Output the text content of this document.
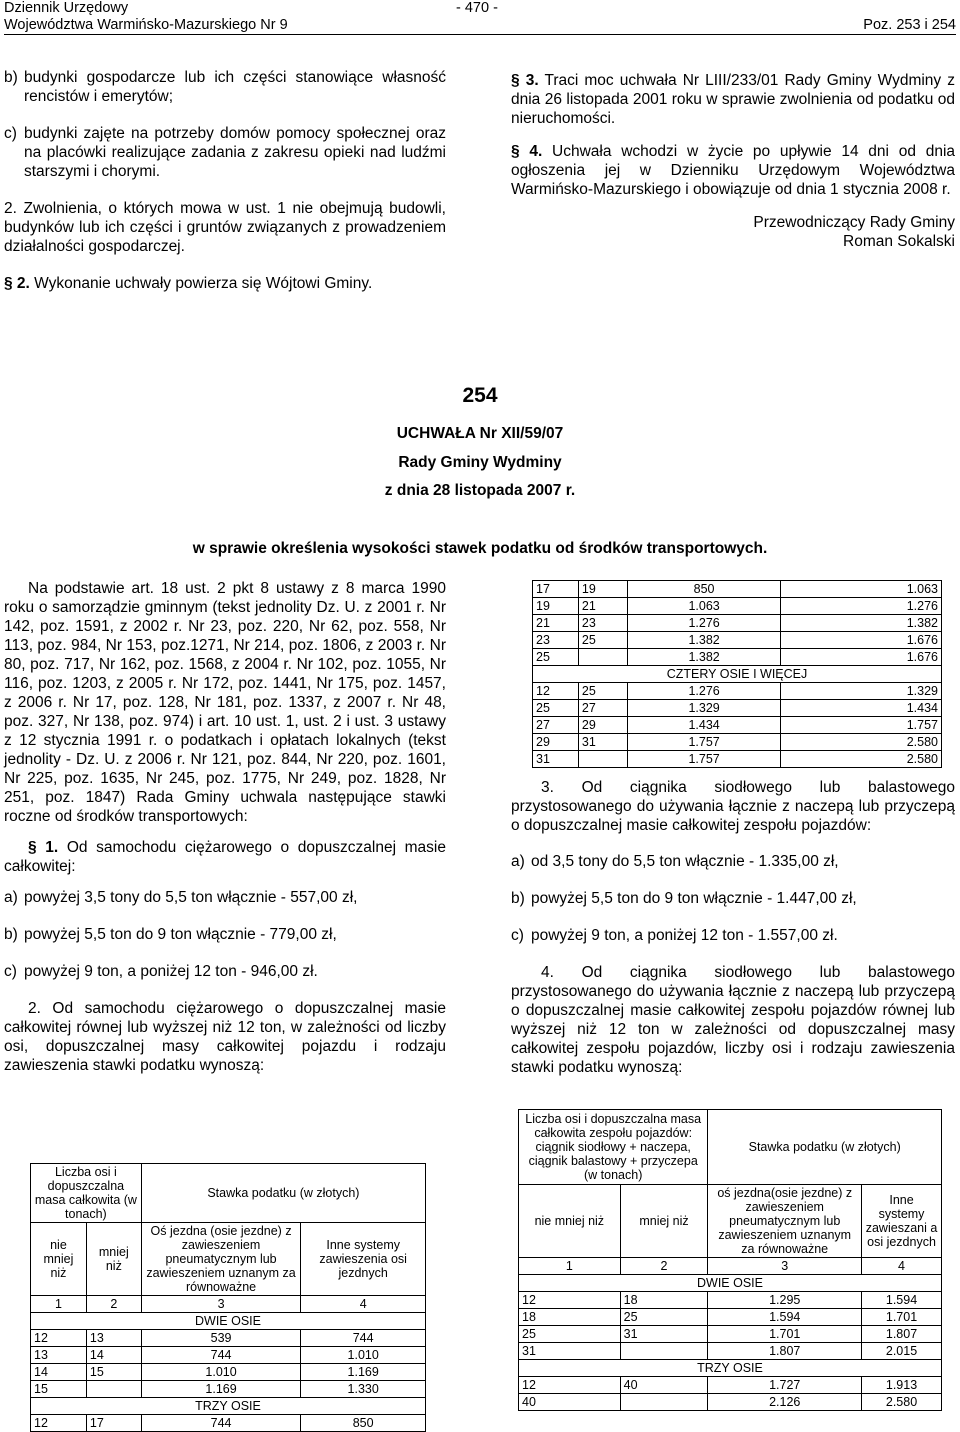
Dziennik Urzędowy
Województwa Warmińsko-Mazurskiego Nr 9
- 470 -
Poz. 253 i 254
b) budynki gospodarcze lub ich części stanowiące własność rencistów i emerytów;
c) budynki zajęte na potrzeby domów pomocy społecznej oraz na placówki realizujące zadania z zakresu opieki nad ludźmi starszymi i chorymi.

2. Zwolnienia, o których mowa w ust. 1 nie obejmują budowli, budynków lub ich części i gruntów związanych z prowadzeniem działalności gospodarczej.

§ 2. Wykonanie uchwały powierza się Wójtowi Gminy.

§ 3. Traci moc uchwała Nr LIII/233/01 Rady Gminy Wydminy z dnia 26 listopada 2001 roku w sprawie zwolnienia od podatku od nieruchomości.

§ 4. Uchwała wchodzi w życie po upływie 14 dni od dnia ogłoszenia jej w Dzienniku Urzędowym Województwa Warmińsko-Mazurskiego i obowiązuje od dnia 1 stycznia 2008 r.

Przewodniczący Rady Gminy
Roman Sokalski
254
UCHWAŁA Nr XII/59/07
Rady Gminy Wydminy
z dnia 28 listopada 2007 r.
w sprawie określenia wysokości stawek podatku od środków transportowych.

Na podstawie art. 18 ust. 2 pkt 8 ustawy z 8 marca 1990 roku o samorządzie gminnym (tekst jednolity Dz. U. z 2001 r. Nr 142, poz. 1591, z 2002 r. Nr 23, poz. 220, Nr 62, poz. 558, Nr 113, poz. 984, Nr 153, poz.1271, Nr 214, poz. 1806, z 2003 r. Nr 80, poz. 717, Nr 162, poz. 1568, z 2004 r. Nr 102, poz. 1055, Nr 116, poz. 1203, z 2005 r. Nr 172, poz. 1441, Nr 175, poz. 1457, z 2006 r. Nr 17, poz. 128, Nr 181, poz. 1337, z 2007 r. Nr 48, poz. 327, Nr 138, poz. 974) i art. 10 ust. 1, ust. 2 i ust. 3 ustawy z 12 stycznia 1991 r. o podatkach i opłatach lokalnych (tekst jednolity - Dz. U. z 2006 r. Nr 121, poz. 844, Nr 220, poz. 1601, Nr 225, poz. 1635, Nr 245, poz. 1775, Nr 249, poz. 1828, Nr 251, poz. 1847) Rada Gminy uchwala następujące stawki roczne od środków transportowych:

§ 1. Od samochodu ciężarowego o dopuszczalnej masie całkowitej:

a) powyżej 3,5 tony do 5,5 ton włącznie - 557,00 zł,
b) powyżej 5,5 ton do 9 ton włącznie - 779,00 zł,
c) powyżej 9 ton, a poniżej 12 ton - 946,00 zł.

2. Od samochodu ciężarowego o dopuszczalnej masie całkowitej równej lub wyższej niż 12 ton, w zależności od liczby osi, dopuszczalnej masy całkowitej pojazdu i rodzaju zawieszenia stawki podatku wynoszą:

Liczba osi i dopuszczalna masa całkowita (w tonach)		Stawka podatku (w złotych)	
nie mniej niż	mniej niż	Oś jezdna (osie jezdne) z zawieszeniem pneumatycznym lub zawieszeniem uznanym za równoważne	Inne systemy zawieszenia osi jezdnych
1	2	3	4
DWIE OSIE			
12	13	539	744
13	14	744	1.010
14	15	1.010	1.169
15		1.169	1.330
TRZY OSIE			
12	17	744	850
17	19	850	1.063
19	21	1.063	1.276
21	23	1.276	1.382
23	25	1.382	1.676
25		1.382	1.676
CZTERY OSIE I WIĘCEJ			
12	25	1.276	1.329
25	27	1.329	1.434
27	29	1.434	1.757
29	31	1.757	2.580
31		1.757	2.580

3. Od ciągnika siodłowego lub balastowego przystosowanego do używania łącznie z naczepą lub przyczepą o dopuszczalnej masie całkowitej zespołu pojazdów:

a) od 3,5 tony do 5,5 ton włącznie - 1.335,00 zł,
b) powyżej 5,5 ton do 9 ton włącznie - 1.447,00 zł,
c) powyżej 9 ton, a poniżej 12 ton - 1.557,00 zł.

4. Od ciągnika siodłowego lub balastowego przystosowanego do używania łącznie z naczepą lub przyczepą o dopuszczalnej masie całkowitej zespołu pojazdów równej lub wyższej niż 12 ton w zależności od dopuszczalnej masy całkowitej zespołu pojazdów, liczby osi i rodzaju zawieszenia stawki podatku wynoszą:

Liczba osi i dopuszczalna masa całkowita zespołu pojazdów: ciągnik siodłowy + naczepa, ciągnik balastowy + przyczepa (w tonach)		Stawka podatku (w złotych)	
nie mniej niż	mniej niż	oś jezdna(osie jezdne) z zawieszeniem pneumatycznym lub zawieszeniem uznanym za równoważne	Inne systemy zawieszani a osi jezdnych
1	2	3	4
DWIE OSIE			
12	18	1.295	1.594
18	25	1.594	1.701
25	31	1.701	1.807
31		1.807	2.015
TRZY OSIE			
12	40	1.727	1.913
40		2.126	2.580
